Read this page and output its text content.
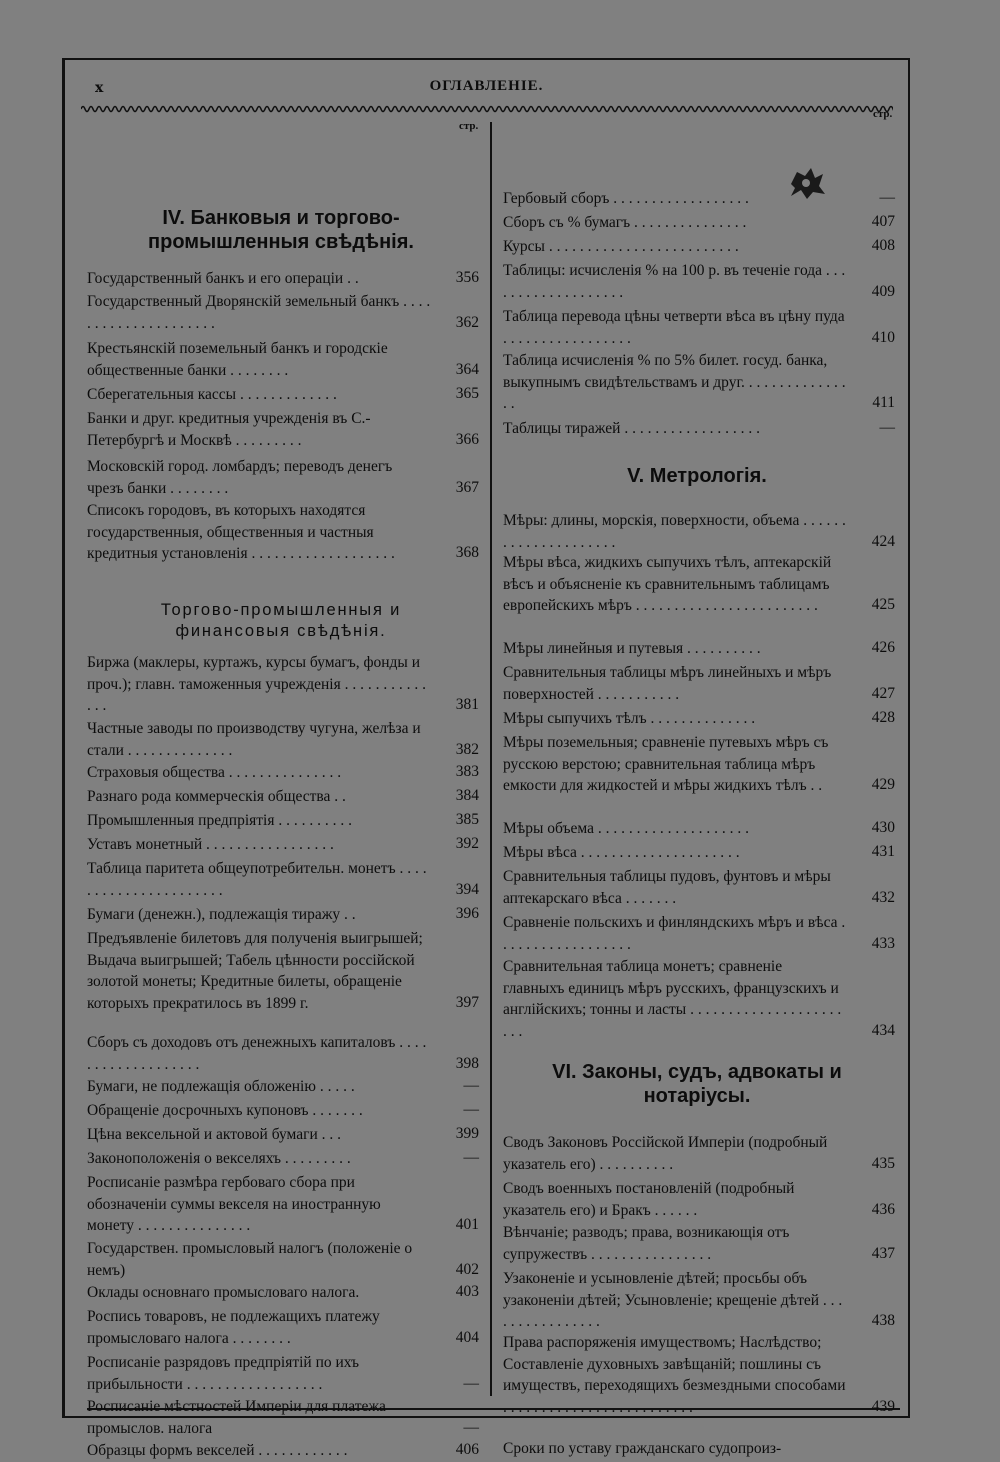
x	ОГЛАВЛЕНІЕ.
стр.
IV. Банковыя и торгово-промышленныя свѣдѣнія.
Государственный банкъ и его операціи . .	356
Государственный Дворянскій земельный банкъ . . . . . . . . . . . . . . . . . . . . .	362
Крестьянскій поземельный банкъ и городскіе общественные банки . . . . . . . .	364
Сберегательныя кассы . . . . . . . . . . . . .	365
Банки и друг. кредитныя учрежденія въ С.-Петербургѣ и Москвѣ . . . . . . . . .	366
Московскій город. ломбардъ; переводъ денегъ чрезъ банки . . . . . . . .	367
Списокъ городовъ, въ которыхъ находятся государственныя, общественныя и частныя кредитныя установленія . . . . . . . . . . . . . . . . . . .	368
Торгово-промышленныя и финансовыя свѣдѣнія.
Биржа (маклеры, куртажъ, курсы бумагъ, фонды и проч.); главн. таможенныя учрежденія . . . . . . . . . . . . . .	381
Частные заводы по производству чугуна, желѣза и стали . . . . . . . . . . . . . .	382
Страховыя общества . . . . . . . . . . . . . . .	383
Разнаго рода коммерческія общества . .	384
Промышленныя предпріятія . . . . . . . . . .	385
Уставъ монетный . . . . . . . . . . . . . . . . .	392
Таблица паритета общеупотребительн. монетъ . . . . . . . . . . . . . . . . . . . . . .	394
Бумаги (денежн.), подлежащія тиражу . .	396
Предъявленіе билетовъ для полученія выигрышей; Выдача выигрышей; Табель цѣнности россійской золотой монеты; Кредитные билеты, обращеніе которыхъ прекратилось въ 1899 г.	397
Сборъ съ доходовъ отъ денежныхъ капиталовъ . . . . . . . . . . . . . . . . . . .	398
Бумаги, не подлежащія обложенію . . . . .	—
Обращеніе досрочныхъ купоновъ . . . . . . .	—
Цѣна вексельной и актовой бумаги . . .	399
Законоположенія о векселяхъ . . . . . . . . .	—
Росписаніе размѣра гербоваго сбора при обозначеніи суммы векселя на иностранную монету . . . . . . . . . . . . . . .	401
Государствен. промысловый налогъ (положеніе о немъ)	402
Оклады основнаго промысловаго налога.	403
Роспись товаровъ, не подлежащихъ платежу промысловаго налога . . . . . . . .	404
Росписаніе разрядовъ предпріятій по ихъ прибыльности . . . . . . . . . . . . . . . . . .	—
Росписаніе мѣстностей Имперіи для платежа промыслов. налога	—
Образцы формъ векселей . . . . . . . . . . . .	406
стр.
Гербовый сборъ . . . . . . . . . . . . . . . . . .	—
Сборъ съ % бумагъ . . . . . . . . . . . . . . .	407
Курсы . . . . . . . . . . . . . . . . . . . . . . . . .	408
Таблицы: исчисленія % на 100 р. въ теченіе года . . . . . . . . . . . . . . . . . . .	409
Таблица перевода цѣны четверти вѣса въ цѣну пуда . . . . . . . . . . . . . . . . .	410
Таблица исчисленія % по 5% билет. госуд. банка, выкупнымъ свидѣтельствамъ и друг. . . . . . . . . . . . . . . .	411
Таблицы тиражей . . . . . . . . . . . . . . . . . .	—
V. Метрологія.
Мѣры: длины, морскія, поверхности, объема . . . . . . . . . . . . . . . . . . . . .	424
Мѣры вѣса, жидкихъ сыпучихъ тѣлъ, аптекарскій вѣсъ и объясненіе къ сравнительнымъ таблицамъ европейскихъ мѣръ . . . . . . . . . . . . . . . . . . . . . . . .	425
Мѣры линейныя и путевыя . . . . . . . . . .	426
Сравнительныя таблицы мѣръ линейныхъ и мѣръ поверхностей . . . . . . . . . . .	427
Мѣры сыпучихъ тѣлъ . . . . . . . . . . . . . .	428
Мѣры поземельныя; сравненіе путевыхъ мѣръ съ русскою верстою; сравнительная таблица мѣръ емкости для жидкостей и мѣры жидкихъ тѣлъ . .	429
Мѣры объема . . . . . . . . . . . . . . . . . . . .	430
Мѣры вѣса . . . . . . . . . . . . . . . . . . . . .	431
Сравнительныя таблицы пудовъ, фунтовъ и мѣры аптекарскаго вѣса . . . . . . .	432
Сравненіе польскихъ и финляндскихъ мѣръ и вѣса . . . . . . . . . . . . . . . . . .	433
Сравнительная таблица монетъ; сравненіе главныхъ единицъ мѣръ русскихъ, французскихъ и англійскихъ; тонны и ласты . . . . . . . . . . . . . . . . . . . . . . .	434
VI. Законы, судъ, адвокаты и нотаріусы.
Сводъ Законовъ Россійской Имперіи (подробный указатель его) . . . . . . . . . .	435
Сводъ военныхъ постановленій (подробный указатель его) и Бракъ . . . . . .	436
Вѣнчаніе; разводъ; права, возникающія отъ супружествъ . . . . . . . . . . . . . . . .	437
Узаконеніе и усыновленіе дѣтей; просьбы объ узаконеніи дѣтей; Усыновленіе; крещеніе дѣтей . . . . . . . . . . . . . . . .	438
Права распоряженія имуществомъ; Наслѣдство; Составленіе духовныхъ завѣщаній; пошлины съ имуществъ, переходящихъ безмездными способами . . . . . . . . . . . . . . . . . . . . . . . . .	439
Сроки по уставу гражданскаго судопроиз-
